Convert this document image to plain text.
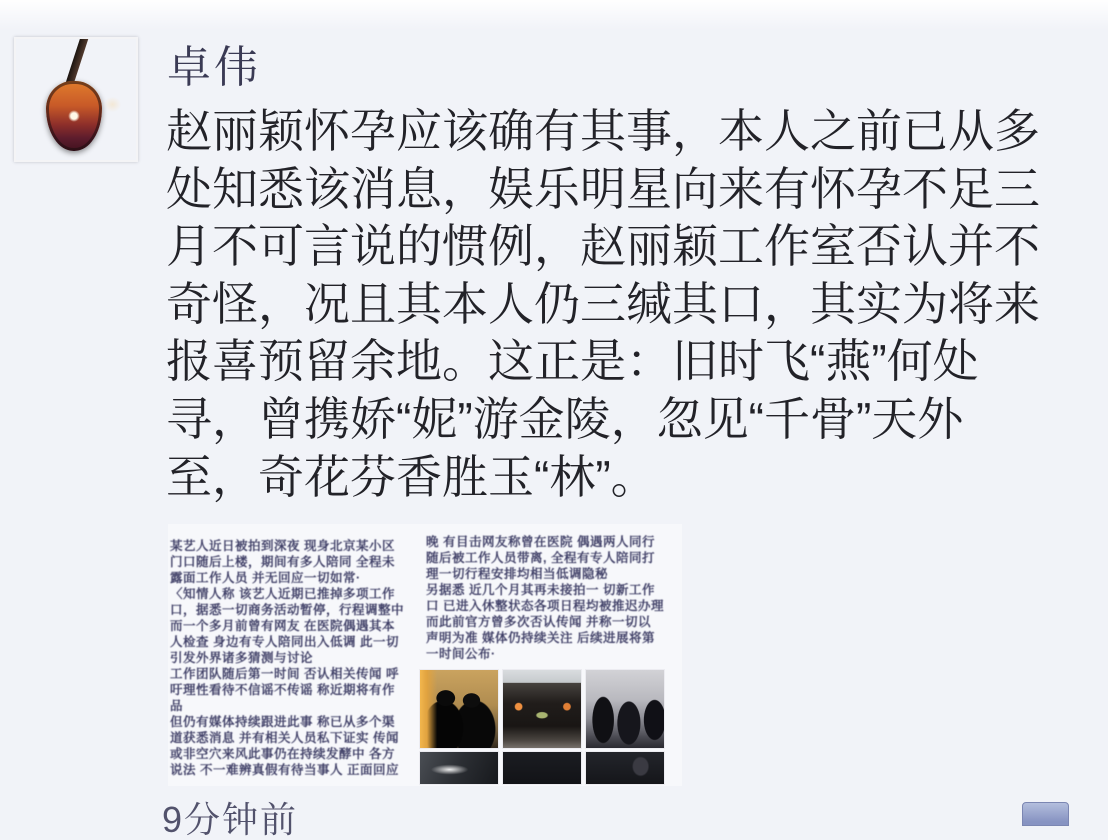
卓伟
赵丽颖怀孕应该确有其事，本人之前已从多
处知悉该消息，娱乐明星向来有怀孕不足三
月不可言说的惯例，赵丽颖工作室否认并不
奇怪，况且其本人仍三缄其口，其实为将来
报喜预留余地。这正是：旧时飞“燕”何处
寻，曾携娇“妮”游金陵，忽见“千骨”天外
至，奇花芬香胜玉“林”。
某艺人近日被拍到深夜 现身北京某小区
门口随后上楼，期间有多人陪同 全程未
露面工作人员 并无回应一切如常·
〈知情人称 该艺人近期已推掉多项工作
口，据悉一切商务活动暂停，行程调整中
而一个多月前曾有网友 在医院偶遇其本
人检查 身边有专人陪同出入低调 此一切
引发外界诸多猜测与讨论
工作团队随后第一时间 否认相关传闻 呼
吁理性看待不信谣不传谣 称近期将有作
品
但仍有媒体持续跟进此事 称已从多个渠
道获悉消息 并有相关人员私下证实 传闻
或非空穴来风此事仍在持续发酵中 各方
说法 不一难辨真假有待当事人 正面回应
晚 有目击网友称曾在医院 偶遇两人同行
随后被工作人员带离, 全程有专人陪同打
理一切行程安排均相当低调隐秘
另据悉 近几个月其再未接拍一 切新工作
口 已进入休整状态各项日程均被推迟办理
而此前官方曾多次否认传闻 并称一切以
声明为准 媒体仍持续关注 后续进展将第
一时间公布·
9分钟前
